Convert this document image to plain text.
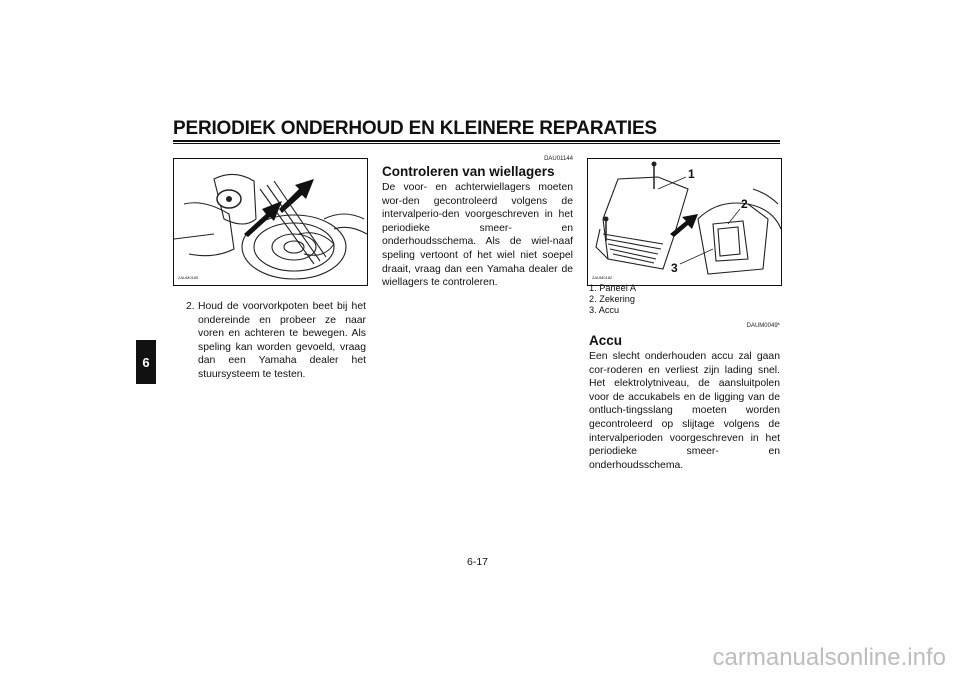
PERIODIEK ONDERHOUD EN KLEINERE REPARATIES
6
ZAUM0180
2. Houd de voorvorkpoten beet bij het ondereinde en probeer ze naar voren en achteren te bewegen. Als speling kan worden gevoeld, vraag dan een Yamaha dealer het stuursysteem te testen.
DAU01144
Controleren van wiellagers
De voor- en achterwiellagers moeten wor-den gecontroleerd volgens de intervalperio-den voorgeschreven in het periodieke smeer- en onderhoudsschema. Als de wiel-naaf speling vertoont of het wiel niet soepel draait, vraag dan een Yamaha dealer de wiellagers te controleren.
1
2
3
ZAUM0182
1. Paneel A
2. Zekering
3. Accu
DAUM0049*
Accu
Een slecht onderhouden accu zal gaan cor-roderen en verliest zijn lading snel. Het elektrolytniveau, de aansluitpolen voor de accukabels en de ligging van de ontluch-tingsslang moeten worden gecontroleerd op slijtage volgens de intervalperioden voorgeschreven in het periodieke smeer- en onderhoudsschema.
6-17
carmanualsonline.info
